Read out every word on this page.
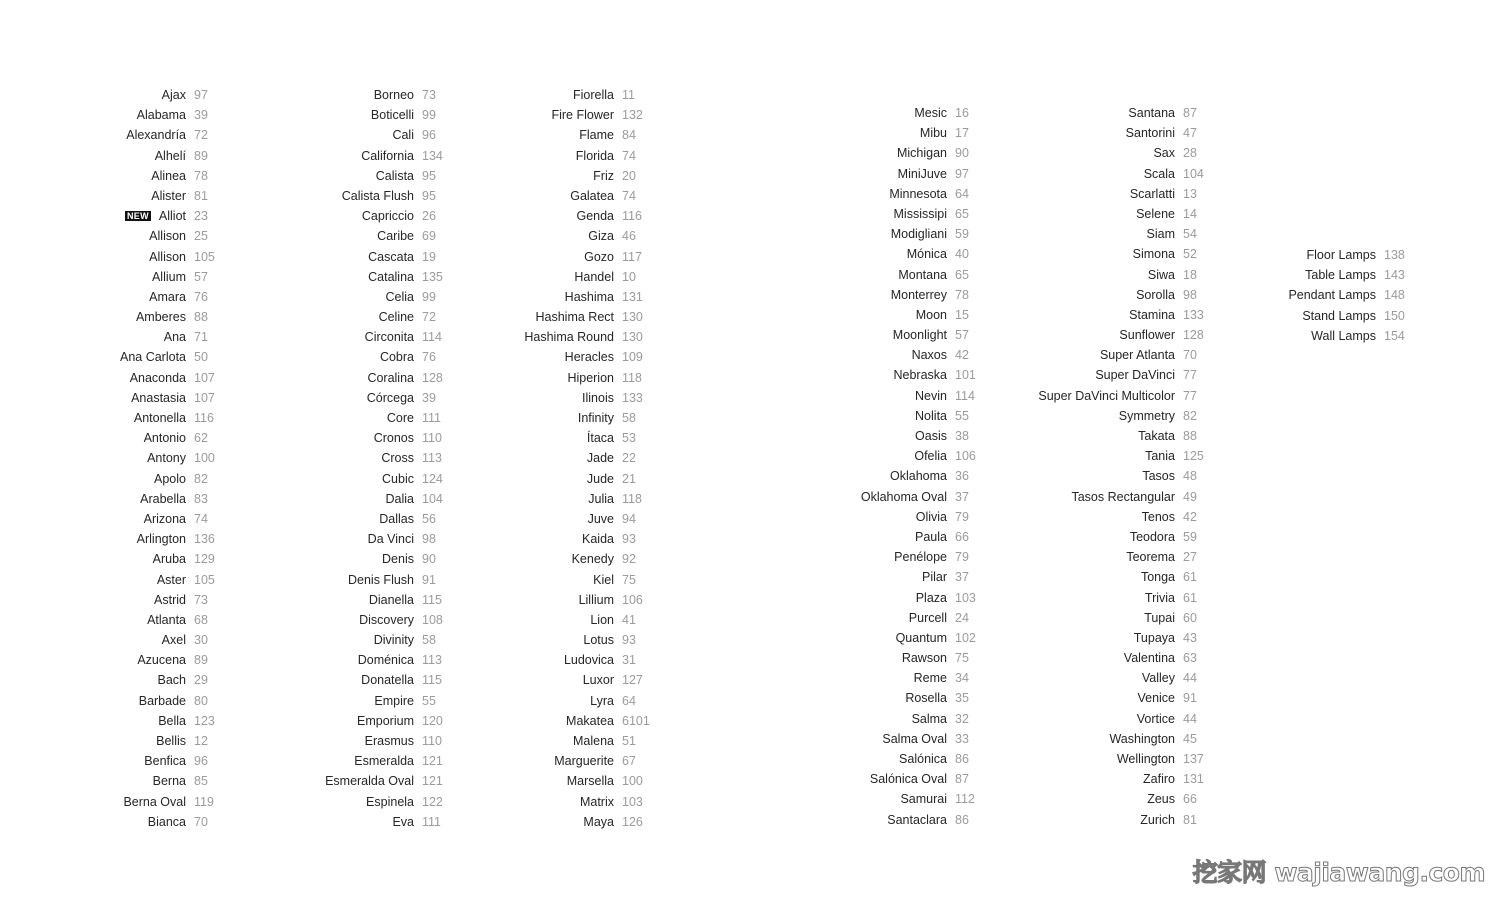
Ajax 97
Alabama 39
Alexandría 72
Alhelí 89
Alinea 78
Alister 81
NEW Alliot 23
Allison 25
Allison 105
Allium 57
Amara 76
Amberes 88
Ana 71
Ana Carlota 50
Anaconda 107
Anastasia 107
Antonella 116
Antonio 62
Antony 100
Apolo 82
Arabella 83
Arizona 74
Arlington 136
Aruba 129
Aster 105
Astrid 73
Atlanta 68
Axel 30
Azucena 89
Bach 29
Barbade 80
Bella 123
Bellis 12
Benfica 96
Berna 85
Berna Oval 119
Bianca 70
Borneo 73
Boticelli 99
Cali 96
California 134
Calista 95
Calista Flush 95
Capriccio 26
Caribe 69
Cascata 19
Catalina 135
Celia 99
Celine 72
Circonita 114
Cobra 76
Coralina 128
Córcega 39
Core 111
Cronos 110
Cross 113
Cubic 124
Dalia 104
Dallas 56
Da Vinci 98
Denis 90
Denis Flush 91
Dianella 115
Discovery 108
Divinity 58
Doménica 113
Donatella 115
Empire 55
Emporium 120
Erasmus 110
Esmeralda 121
Esmeralda Oval 121
Espinela 122
Eva 111
Fiorella 11
Fire Flower 132
Flame 84
Florida 74
Friz 20
Galatea 74
Genda 116
Giza 46
Gozo 117
Handel 10
Hashima 131
Hashima Rect 130
Hashima Round 130
Heracles 109
Hiperion 118
Ilinois 133
Infinity 58
Ítaca 53
Jade 22
Jude 21
Julia 118
Juve 94
Kaida 93
Kenedy 92
Kiel 75
Lillium 106
Lion 41
Lotus 93
Ludovica 31
Luxor 127
Lyra 64
Makatea 6101
Malena 51
Marguerite 67
Marsella 100
Matrix 103
Maya 126
Mesic 16
Mibu 17
Michigan 90
MiniJuve 97
Minnesota 64
Mississipi 65
Modigliani 59
Mónica 40
Montana 65
Monterrey 78
Moon 15
Moonlight 57
Naxos 42
Nebraska 101
Nevin 114
Nolita 55
Oasis 38
Ofelia 106
Oklahoma 36
Oklahoma Oval 37
Olivia 79
Paula 66
Penélope 79
Pilar 37
Plaza 103
Purcell 24
Quantum 102
Rawson 75
Reme 34
Rosella 35
Salma 32
Salma Oval 33
Salónica 86
Salónica Oval 87
Samurai 112
Santaclara 86
Santana 87
Santorini 47
Sax 28
Scala 104
Scarlatti 13
Selene 14
Siam 54
Simona 52
Siwa 18
Sorolla 98
Stamina 133
Sunflower 128
Super Atlanta 70
Super DaVinci 77
Super DaVinci Multicolor 77
Symmetry 82
Takata 88
Tania 125
Tasos 48
Tasos Rectangular 49
Tenos 42
Teodora 59
Teorema 27
Tonga 61
Trivia 61
Tupai 60
Tupaya 43
Valentina 63
Valley 44
Venice 91
Vortice 44
Washington 45
Wellington 137
Zafiro 131
Zeus 66
Zurich 81
Floor Lamps 138
Table Lamps 143
Pendant Lamps 148
Stand Lamps 150
Wall Lamps 154
挖家网 wajiawang.com
